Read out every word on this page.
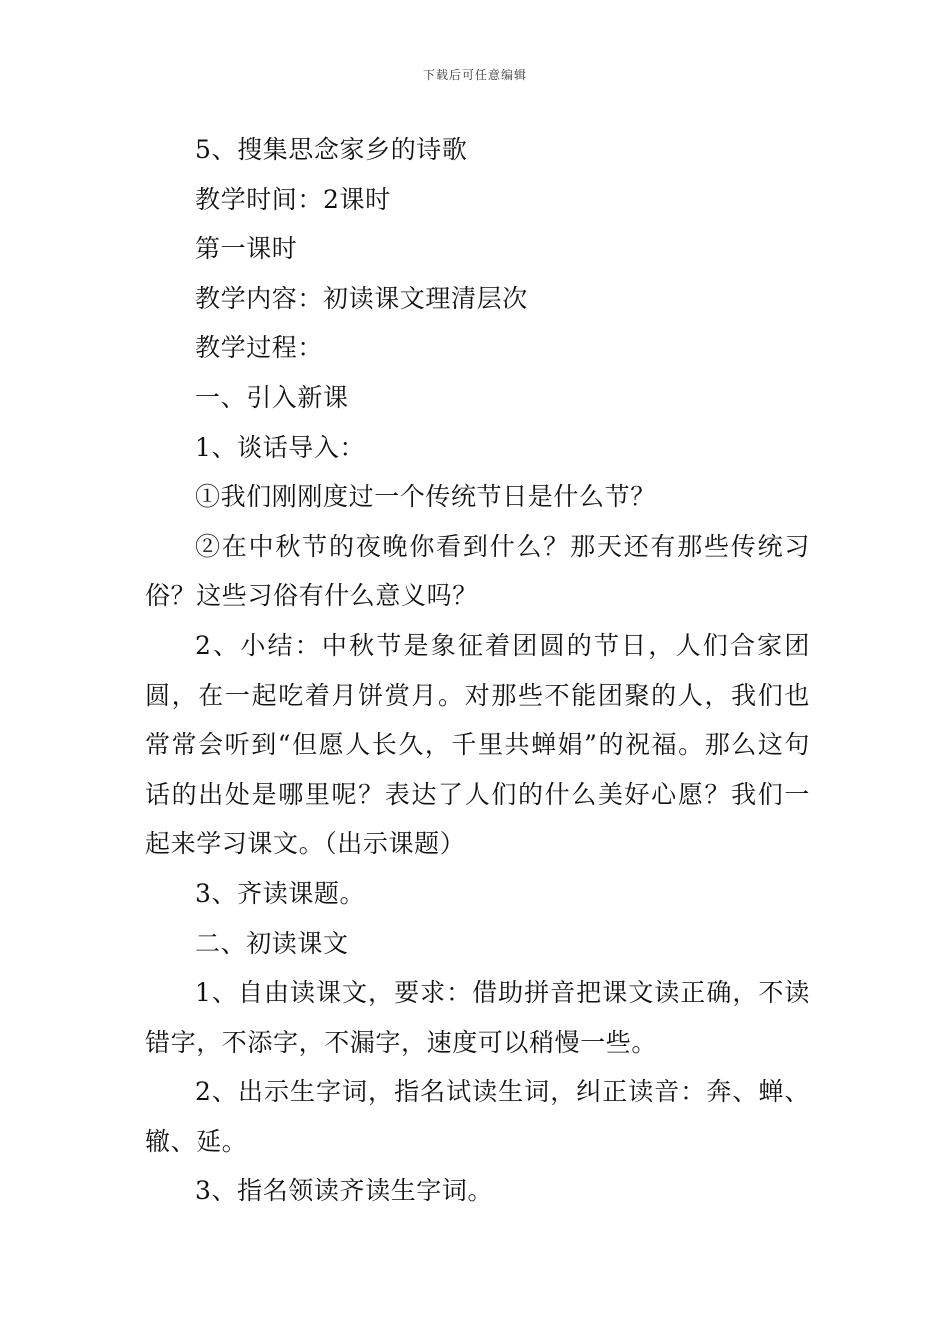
下载后可任意编辑

5、搜集思念家乡的诗歌

教学时间：2课时

第一课时

教学内容：初读课文理清层次

教学过程：

一、引入新课

1、谈话导入：

①我们刚刚度过一个传统节日是什么节？

②在中秋节的夜晚你看到什么？那天还有那些传统习俗？这些习俗有什么意义吗？

2、小结：中秋节是象征着团圆的节日，人们合家团圆，在一起吃着月饼赏月。对那些不能团聚的人，我们也常常会听到“但愿人长久，千里共蝉娟”的祝福。那么这句话的出处是哪里呢？表达了人们的什么美好心愿？我们一起来学习课文。（出示课题）

3、齐读课题。

二、初读课文

1、自由读课文，要求：借助拼音把课文读正确，不读错字，不添字，不漏字，速度可以稍慢一些。

2、出示生字词，指名试读生词，纠正读音：奔、蝉、辙、延。

3、指名领读齐读生字词。
